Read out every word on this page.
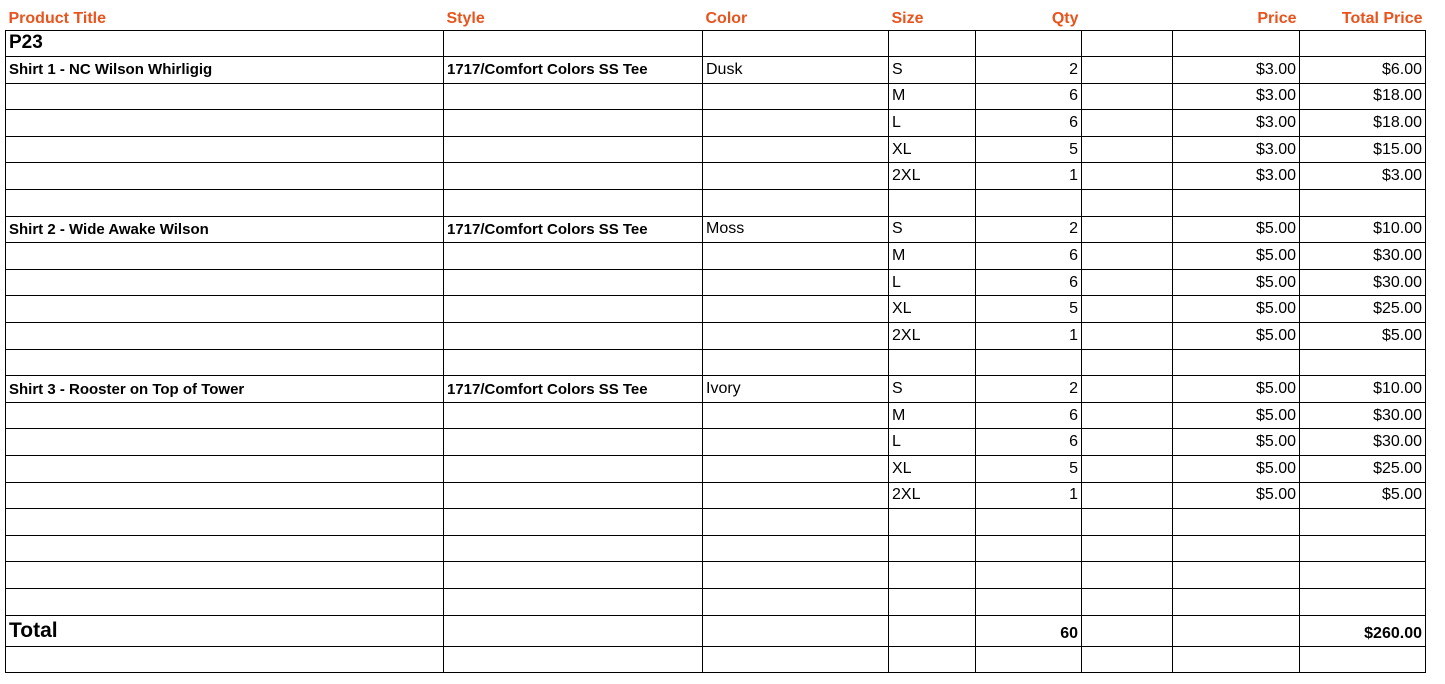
Product Title	Style	Color	Size	Qty		Price	Total Price
P23							
Shirt 1 - NC Wilson Whirligig	1717/Comfort Colors SS Tee	Dusk	S	2		$3.00	$6.00
			M	6		$3.00	$18.00
			L	6		$3.00	$18.00
			XL	5		$3.00	$15.00
			2XL	1		$3.00	$3.00

Shirt 2 - Wide Awake Wilson	1717/Comfort Colors SS Tee	Moss	S	2		$5.00	$10.00
			M	6		$5.00	$30.00
			L	6		$5.00	$30.00
			XL	5		$5.00	$25.00
			2XL	1		$5.00	$5.00

Shirt 3 - Rooster on Top of Tower	1717/Comfort Colors SS Tee	Ivory	S	2		$5.00	$10.00
			M	6		$5.00	$30.00
			L	6		$5.00	$30.00
			XL	5		$5.00	$25.00
			2XL	1		$5.00	$5.00

Total				60			$260.00
